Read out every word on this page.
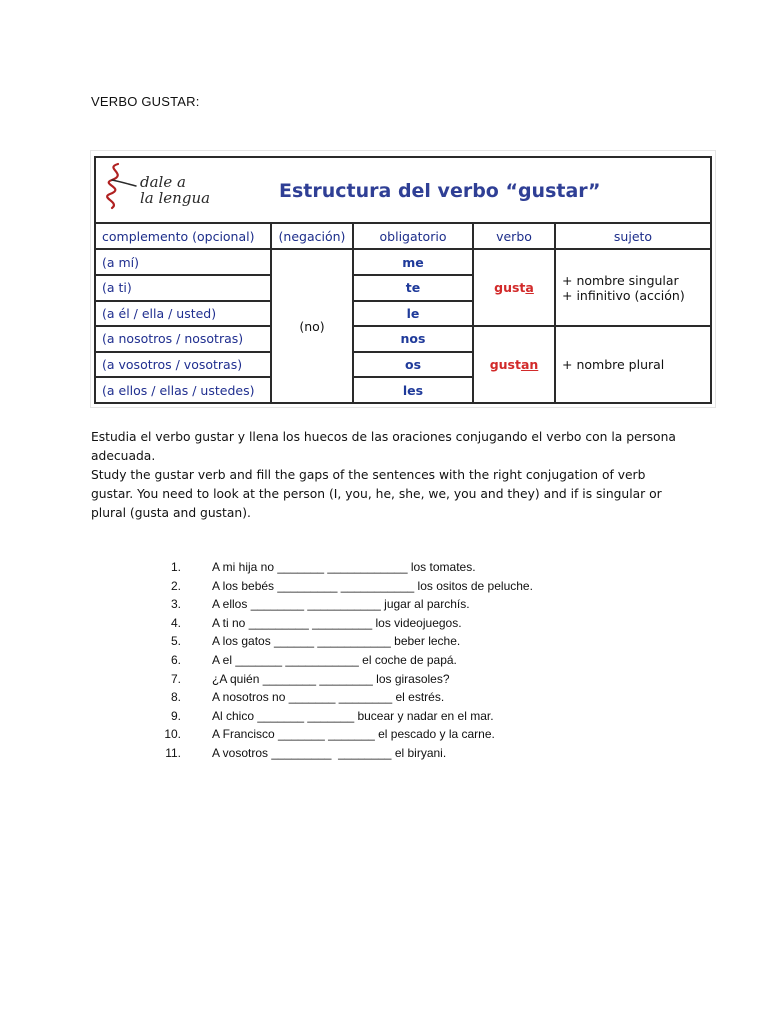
VERBO GUSTAR:
dale a
la lengua Estructura del verbo “gustar”				

complemento (opcional)	(negación)	obligatorio	verbo	sujeto
(a mí)	(no)	me	gusta	+ nombre singular
+ infinitivo (acción)

(a ti)		te		
(a él / ella / usted)		le		
(a nosotros / nosotras)		nos	gustan	+ nombre plural
(a vosotros / vosotras)		os		
(a ellos / ellas / ustedes)		les		
Estudia el verbo gustar y llena los huecos de las oraciones conjugando el verbo con la persona adecuada.
Study the gustar verb and fill the gaps of the sentences with the right conjugation of verb gustar. You need to look at the person (I, you, he, she, we, you and they) and if is singular or plural (gusta and gustan).
1.	A mi hija no _______ ____________ los tomates.
2.	A los bebés _________ ___________ los ositos de peluche.
3.	A ellos ________ ___________ jugar al parchís.
4.	A ti no _________ _________ los videojuegos.
5.	A los gatos ______ ___________ beber leche.
6.	A el _______ ___________ el coche de papá.
7.	¿A quién ________ ________ los girasoles?
8.	A nosotros no _______ ________ el estrés.
9.	Al chico _______ _______ bucear y nadar en el mar.
10.	A Francisco _______ _______ el pescado y la carne.
11.	A vosotros _________  ________ el biryani.
